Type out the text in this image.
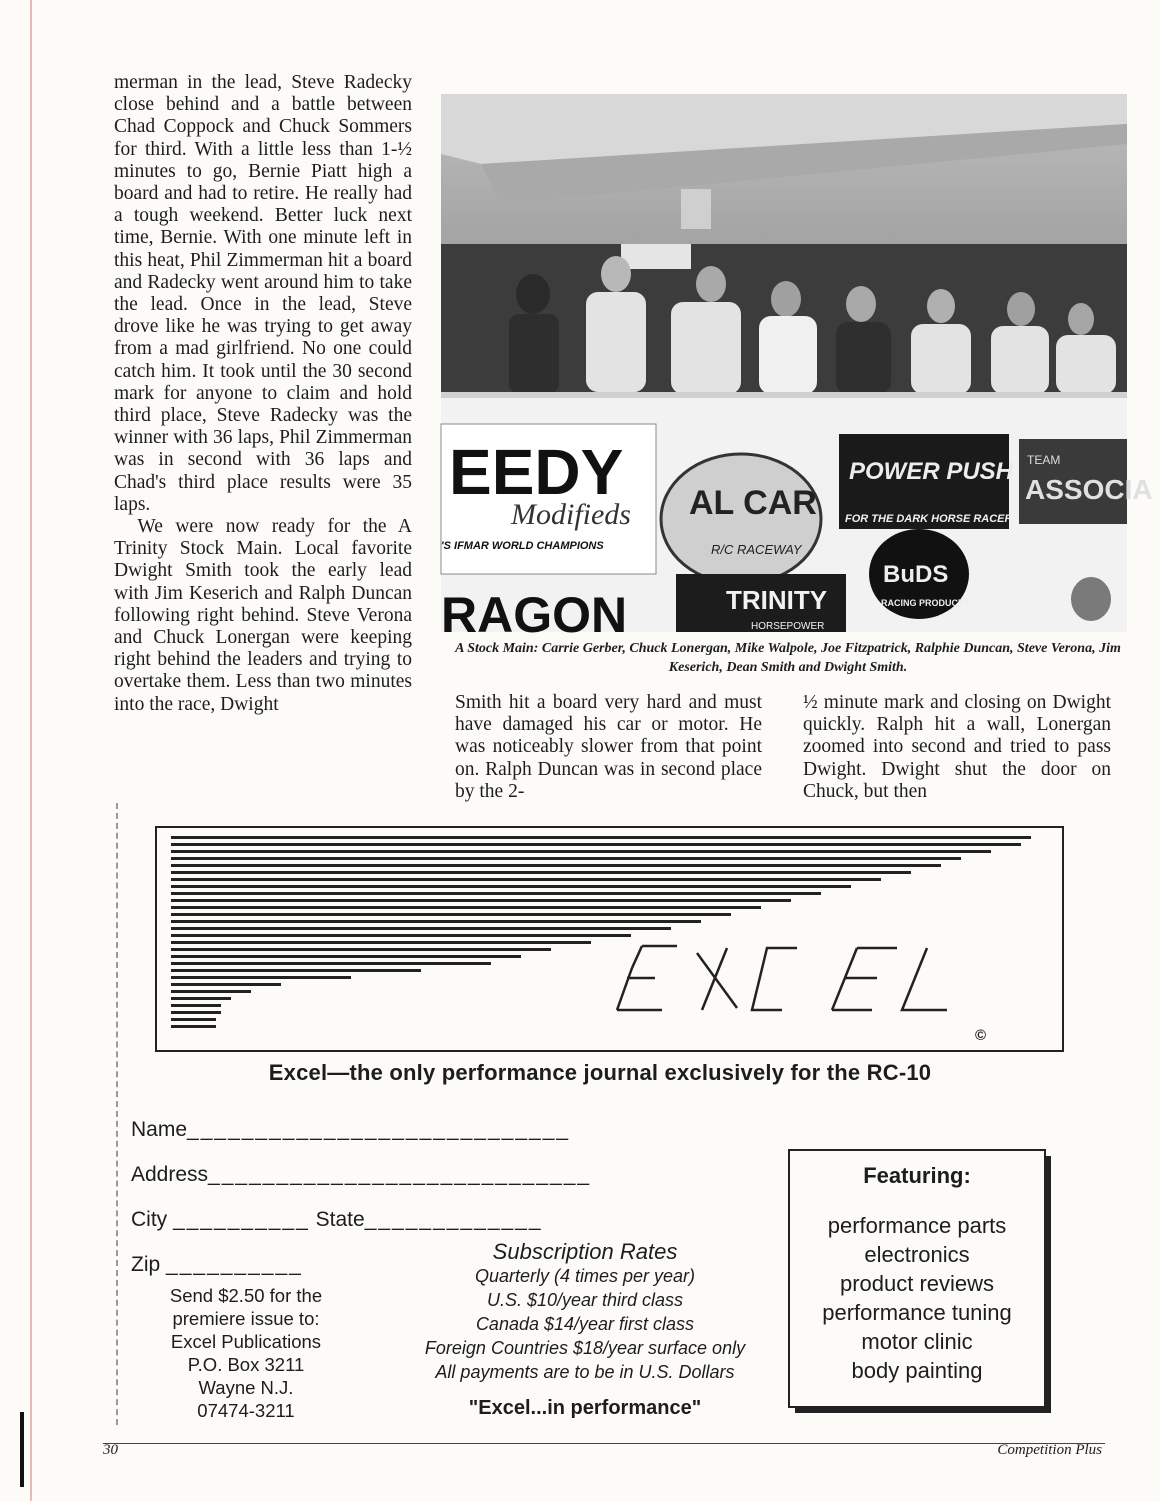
merman in the lead, Steve Radecky close behind and a battle between Chad Coppock and Chuck Sommers for third. With a little less than 1-½ minutes to go, Bernie Piatt high a board and had to retire. He really had a tough weekend. Better luck next time, Bernie. With one minute left in this heat, Phil Zimmerman hit a board and Radecky went around him to take the lead. Once in the lead, Steve drove like he was trying to get away from a mad girlfriend. No one could catch him. It took until the 30 second mark for anyone to claim and hold third place, Steve Radecky was the winner with 36 laps, Phil Zimmerman was in second with 36 laps and Chad's third place results were 35 laps.

We were now ready for the A Trinity Stock Main. Local favorite Dwight Smith took the early lead with Jim Keserich and Ralph Duncan following right behind. Steve Verona and Chuck Lonergan were keeping right behind the leaders and trying to overtake them. Less than two minutes into the race, Dwight

EEDY
Modifieds
'S IFMAR WORLD CHAMPIONS
AL CAR
R/C RACEWAY
POWER PUSH
FOR THE DARK HORSE RACER
TEAM
ASSOCIA
BuDS
RACING PRODUCTS
TRINITY
HORSEPOWER
RAGON
A Stock Main: Carrie Gerber, Chuck Lonergan, Mike Walpole, Joe Fitzpatrick, Ralphie Duncan, Steve Verona, Jim Keserich, Dean Smith and Dwight Smith.

Smith hit a board very hard and must have damaged his car or motor. He was noticeably slower from that point on. Ralph Duncan was in second place by the 2-

½ minute mark and closing on Dwight quickly. Ralph hit a wall, Lonergan zoomed into second and tried to pass Dwight. Dwight shut the door on Chuck, but then

©
Excel—the only performance journal exclusively for the RC-10
Name____________________________
Address____________________________
City __________ State_____________
Zip __________
Send $2.50 for the
premiere issue to:
Excel Publications
P.O. Box 3211
Wayne N.J.
07474-3211
Subscription Rates
Quarterly (4 times per year)
U.S. $10/year third class
Canada $14/year first class
Foreign Countries $18/year surface only
All payments are to be in U.S. Dollars
"Excel...in performance"
Featuring:
performance parts
electronics
product reviews
performance tuning
motor clinic
body painting
30	Competition Plus
